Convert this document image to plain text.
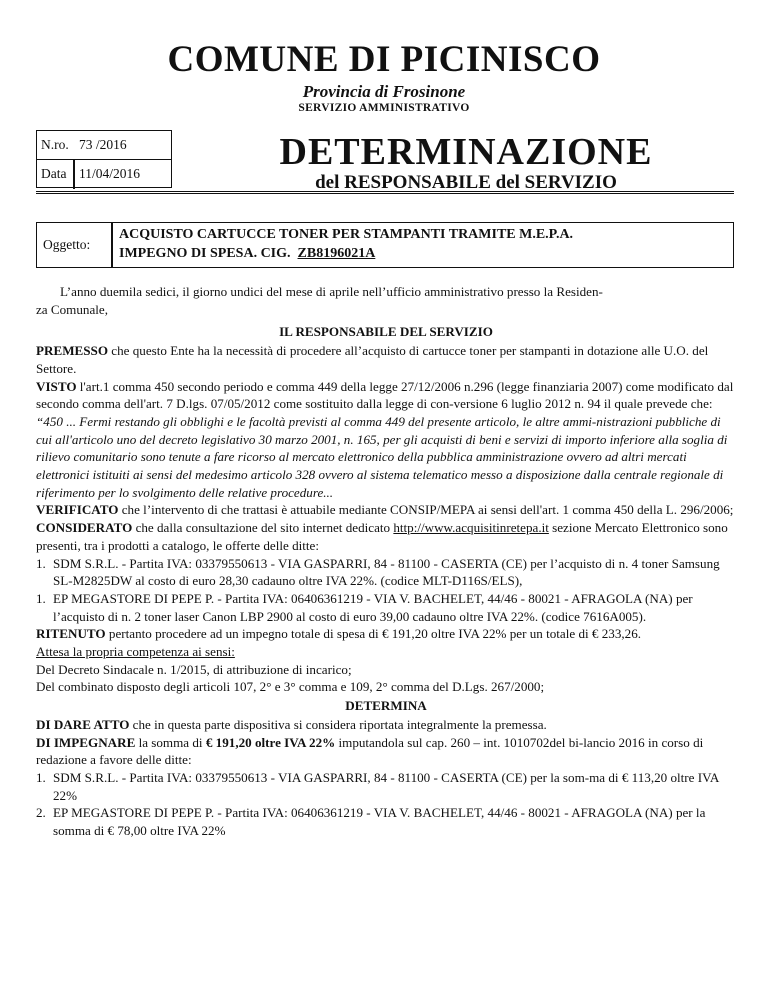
COMUNE DI PICINISCO
Provincia di Frosinone
SERVIZIO AMMINISTRATIVO
N.ro. 73 /2016
Data 11/04/2016
DETERMINAZIONE
del RESPONSABILE del SERVIZIO
Oggetto:
ACQUISTO CARTUCCE TONER PER STAMPANTI TRAMITE M.E.P.A.
IMPEGNO DI SPESA. CIG. ZB8196021A

L’anno duemila sedici, il giorno undici del mese di aprile nell’ufficio amministrativo presso la Residen-

za Comunale,

IL RESPONSABILE DEL SERVIZIO

PREMESSO che questo Ente ha la necessità di procedere all’acquisto di cartucce toner per stampanti in dotazione alle U.O. del Settore.

VISTO l'art.1 comma 450 secondo periodo e comma 449 della legge 27/12/2006 n.296 (legge finanziaria 2007) come modificato dal secondo comma dell'art. 7 D.lgs. 07/05/2012 come sostituito dalla legge di con-versione 6 luglio 2012 n. 94 il quale prevede che:

“450 ... Fermi restando gli obblighi e le facoltà previsti al comma 449 del presente articolo, le altre ammi-nistrazioni pubbliche di cui all'articolo uno del decreto legislativo 30 marzo 2001, n. 165, per gli acquisti di beni e servizi di importo inferiore alla soglia di rilievo comunitario sono tenute a fare ricorso al mercato elettronico della pubblica amministrazione ovvero ad altri mercati elettronici istituiti ai sensi del medesimo articolo 328 ovvero al sistema telematico messo a disposizione dalla centrale regionale di riferimento per lo svolgimento delle relative procedure...

VERIFICATO che l’intervento di che trattasi è attuabile mediante CONSIP/MEPA ai sensi dell'art. 1 comma 450 della L. 296/2006;

CONSIDERATO che dalla consultazione del sito internet dedicato http://www.acquisitinretepa.it sezione Mercato Elettronico sono presenti, tra i prodotti a catalogo, le offerte delle ditte:

1. SDM S.R.L. - Partita IVA: 03379550613 - VIA GASPARRI, 84 - 81100 - CASERTA (CE) per l’acquisto di n. 4 toner Samsung SL-M2825DW al costo di euro 28,30 cadauno oltre IVA 22%. (codice MLT-D116S/ELS),
1. EP MEGASTORE DI PEPE P. - Partita IVA: 06406361219 - VIA V. BACHELET, 44/46 - 80021 - AFRAGOLA (NA) per l’acquisto di n. 2 toner laser Canon LBP 2900 al costo di euro 39,00 cadauno oltre IVA 22%. (codice 7616A005).

RITENUTO pertanto procedere ad un impegno totale di spesa di € 191,20 oltre IVA 22% per un totale di € 233,26.

Attesa la propria competenza ai sensi:

Del Decreto Sindacale n. 1/2015, di attribuzione di incarico;

Del combinato disposto degli articoli 107, 2° e 3° comma e 109, 2° comma del D.Lgs. 267/2000;

DETERMINA

DI DARE ATTO che in questa parte dispositiva si considera riportata integralmente la premessa.

DI IMPEGNARE la somma di € 191,20 oltre IVA 22% imputandola sul cap. 260 – int. 1010702del bi-lancio 2016 in corso di redazione a favore delle ditte:

1. SDM S.R.L. - Partita IVA: 03379550613 - VIA GASPARRI, 84 - 81100 - CASERTA (CE) per la som-ma di € 113,20 oltre IVA 22%
2. EP MEGASTORE DI PEPE P. - Partita IVA: 06406361219 - VIA V. BACHELET, 44/46 - 80021 - AFRAGOLA (NA) per la somma di € 78,00 oltre IVA 22%
